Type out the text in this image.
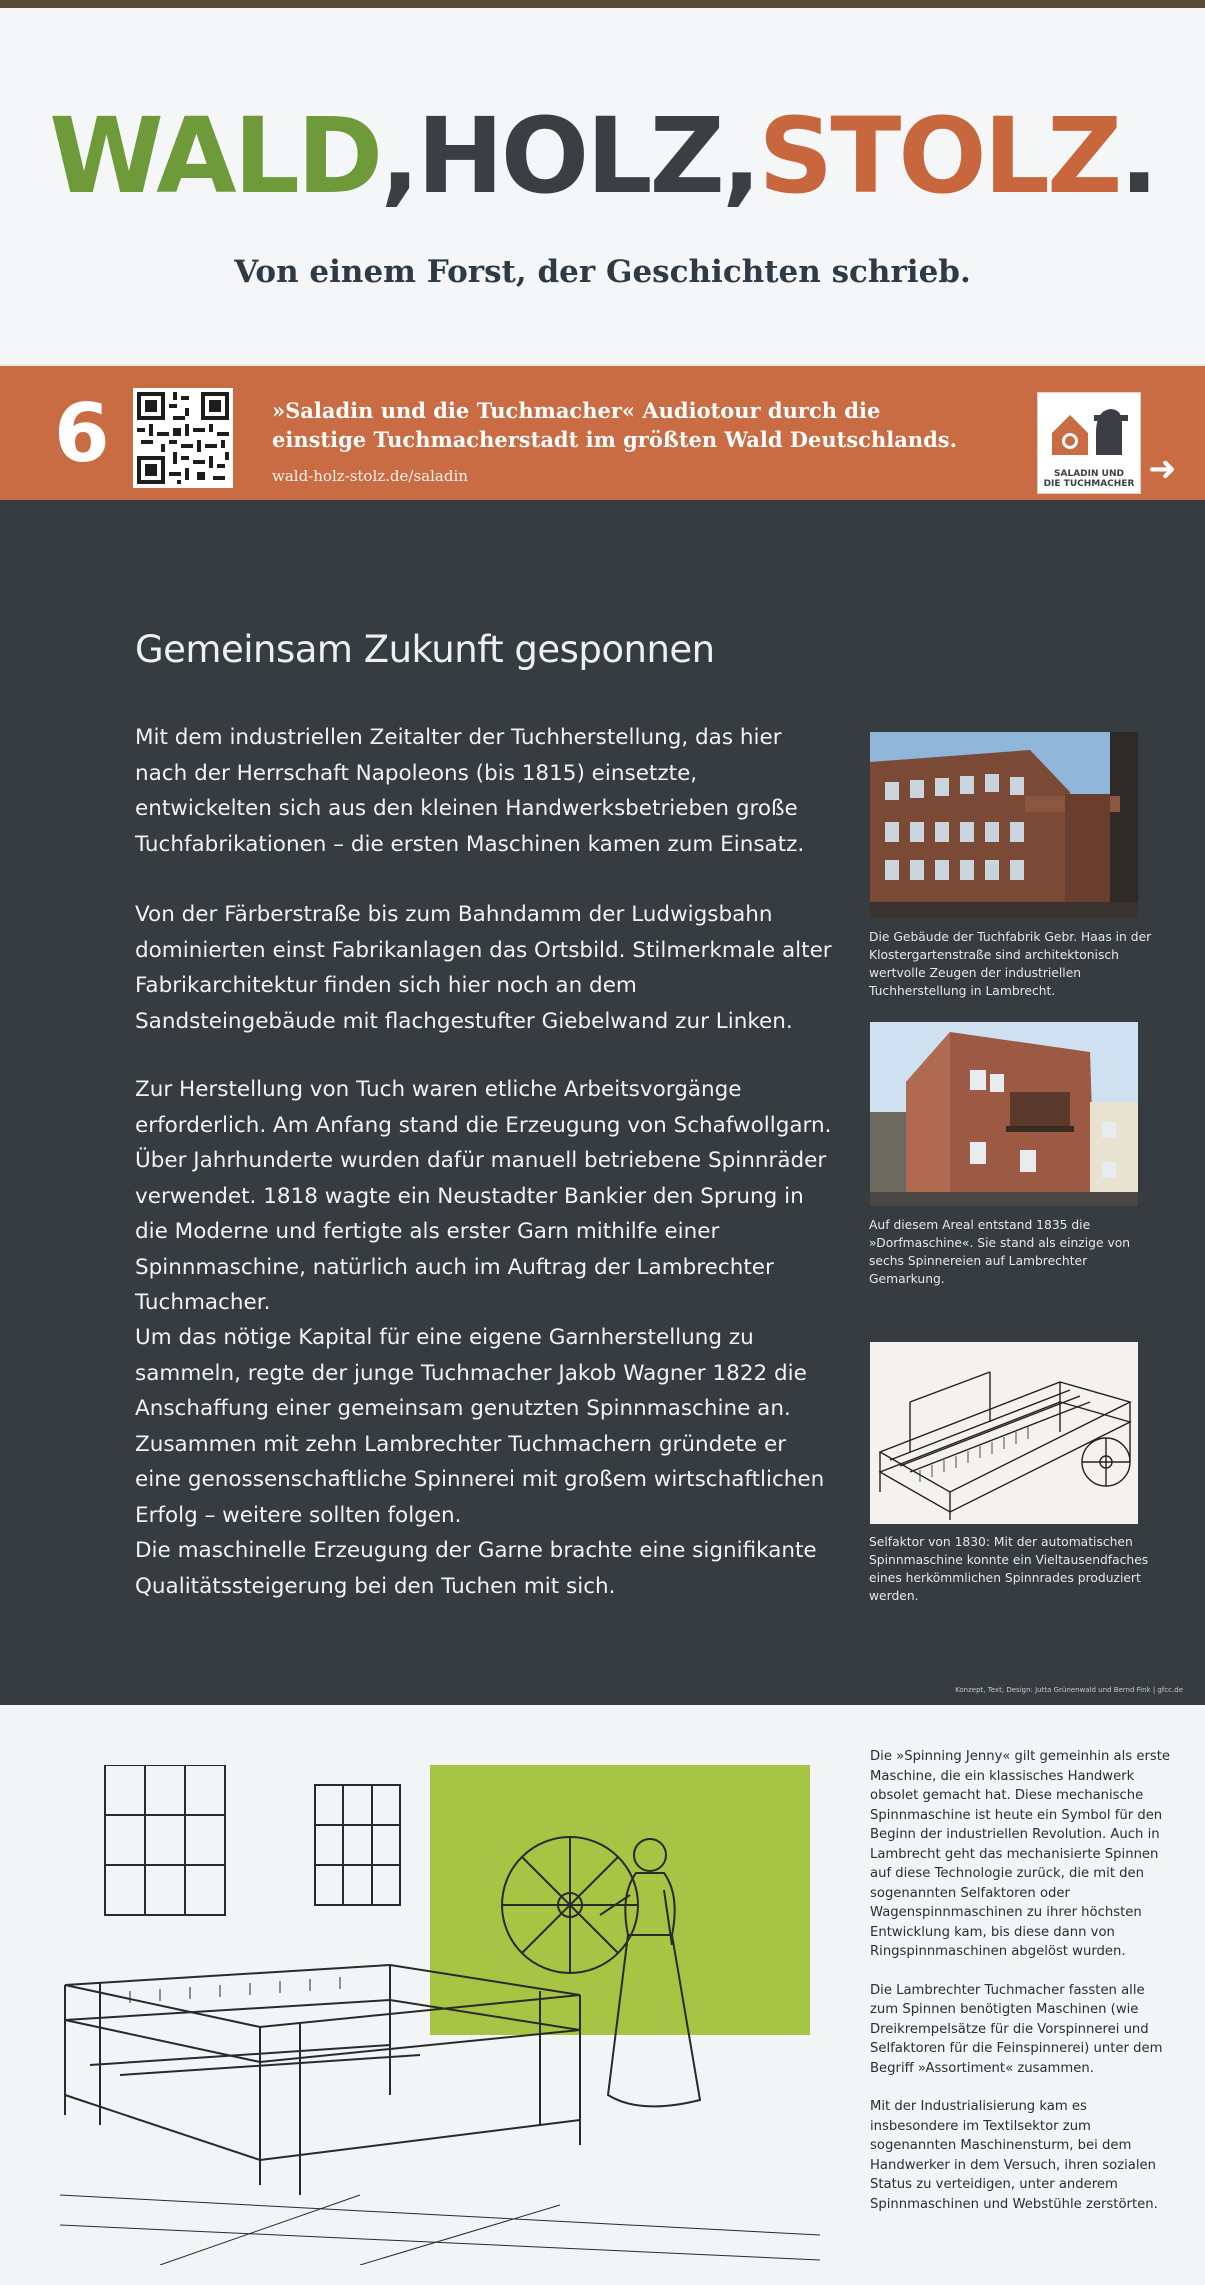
WALD,HOLZ,STOLZ.
Von einem Forst, der Geschichten schrieb.
6	»Saladin und die Tuchmacher« Audiotour durch die
einstige Tuchmacherstadt im größten Wald Deutschlands.
wald-holz-stolz.de/saladin	SALADIN UND
DIE TUCHMACHER ➜
Gemeinsam Zukunft gesponnen
Mit dem industriellen Zeitalter der Tuchherstellung, das hier nach der Herrschaft Napoleons (bis 1815) einsetzte, entwickelten sich aus den kleinen Handwerksbetrieben große Tuchfabrikationen – die ersten Maschinen kamen zum Einsatz.
Von der Färberstraße bis zum Bahndamm der Ludwigsbahn dominierten einst Fabrikanlagen das Ortsbild. Stilmerkmale alter Fabrikarchitektur finden sich hier noch an dem Sandsteingebäude mit flachgestufter Giebelwand zur Linken.
Zur Herstellung von Tuch waren etliche Arbeitsvorgänge erforderlich. Am Anfang stand die Erzeugung von Schafwollgarn. Über Jahrhunderte wurden dafür manuell betriebene Spinnräder verwendet. 1818 wagte ein Neustadter Bankier den Sprung in die Moderne und fertigte als erster Garn mithilfe einer Spinnmaschine, natürlich auch im Auftrag der Lambrechter Tuchmacher.
Um das nötige Kapital für eine eigene Garnherstellung zu sammeln, regte der junge Tuchmacher Jakob Wagner 1822 die Anschaffung einer gemeinsam genutzten Spinnmaschine an. Zusammen mit zehn Lambrechter Tuchmachern gründete er eine genossenschaftliche Spinnerei mit großem wirtschaftlichen Erfolg – weitere sollten folgen.
Die maschinelle Erzeugung der Garne brachte eine signifikante Qualitätssteigerung bei den Tuchen mit sich.
Die Gebäude der Tuchfabrik Gebr. Haas in der Klostergartenstraße sind architektonisch wertvolle Zeugen der industriellen Tuchherstellung in Lambrecht.
Auf diesem Areal entstand 1835 die »Dorfmaschine«. Sie stand als einzige von sechs Spinnereien auf Lambrechter Gemarkung.
Selfaktor von 1830: Mit der automatischen Spinnmaschine konnte ein Vieltausendfaches eines herkömmlichen Spinnrades produziert werden.
Konzept, Text, Design: Jutta Grünenwald und Bernd Fink | gfcc.de

Die »Spinning Jenny« gilt gemeinhin als erste Maschine, die ein klassisches Handwerk obsolet gemacht hat. Diese mechanische Spinnmaschine ist heute ein Symbol für den Beginn der industriellen Revolution. Auch in Lambrecht geht das mechanisierte Spinnen auf diese Technologie zurück, die mit den sogenannten Selfaktoren oder Wagenspinnmaschinen zu ihrer höchsten Entwicklung kam, bis diese dann von Ringspinnmaschinen abgelöst wurden.

Die Lambrechter Tuchmacher fassten alle zum Spinnen benötigten Maschinen (wie Dreikrempelsätze für die Vorspinnerei und Selfaktoren für die Feinspinnerei) unter dem Begriff »Assortiment« zusammen.

Mit der Industrialisierung kam es insbesondere im Textilsektor zum sogenannten Maschinensturm, bei dem Handwerker in dem Versuch, ihren sozialen Status zu verteidigen, unter anderem Spinnmaschinen und Webstühle zerstörten.
